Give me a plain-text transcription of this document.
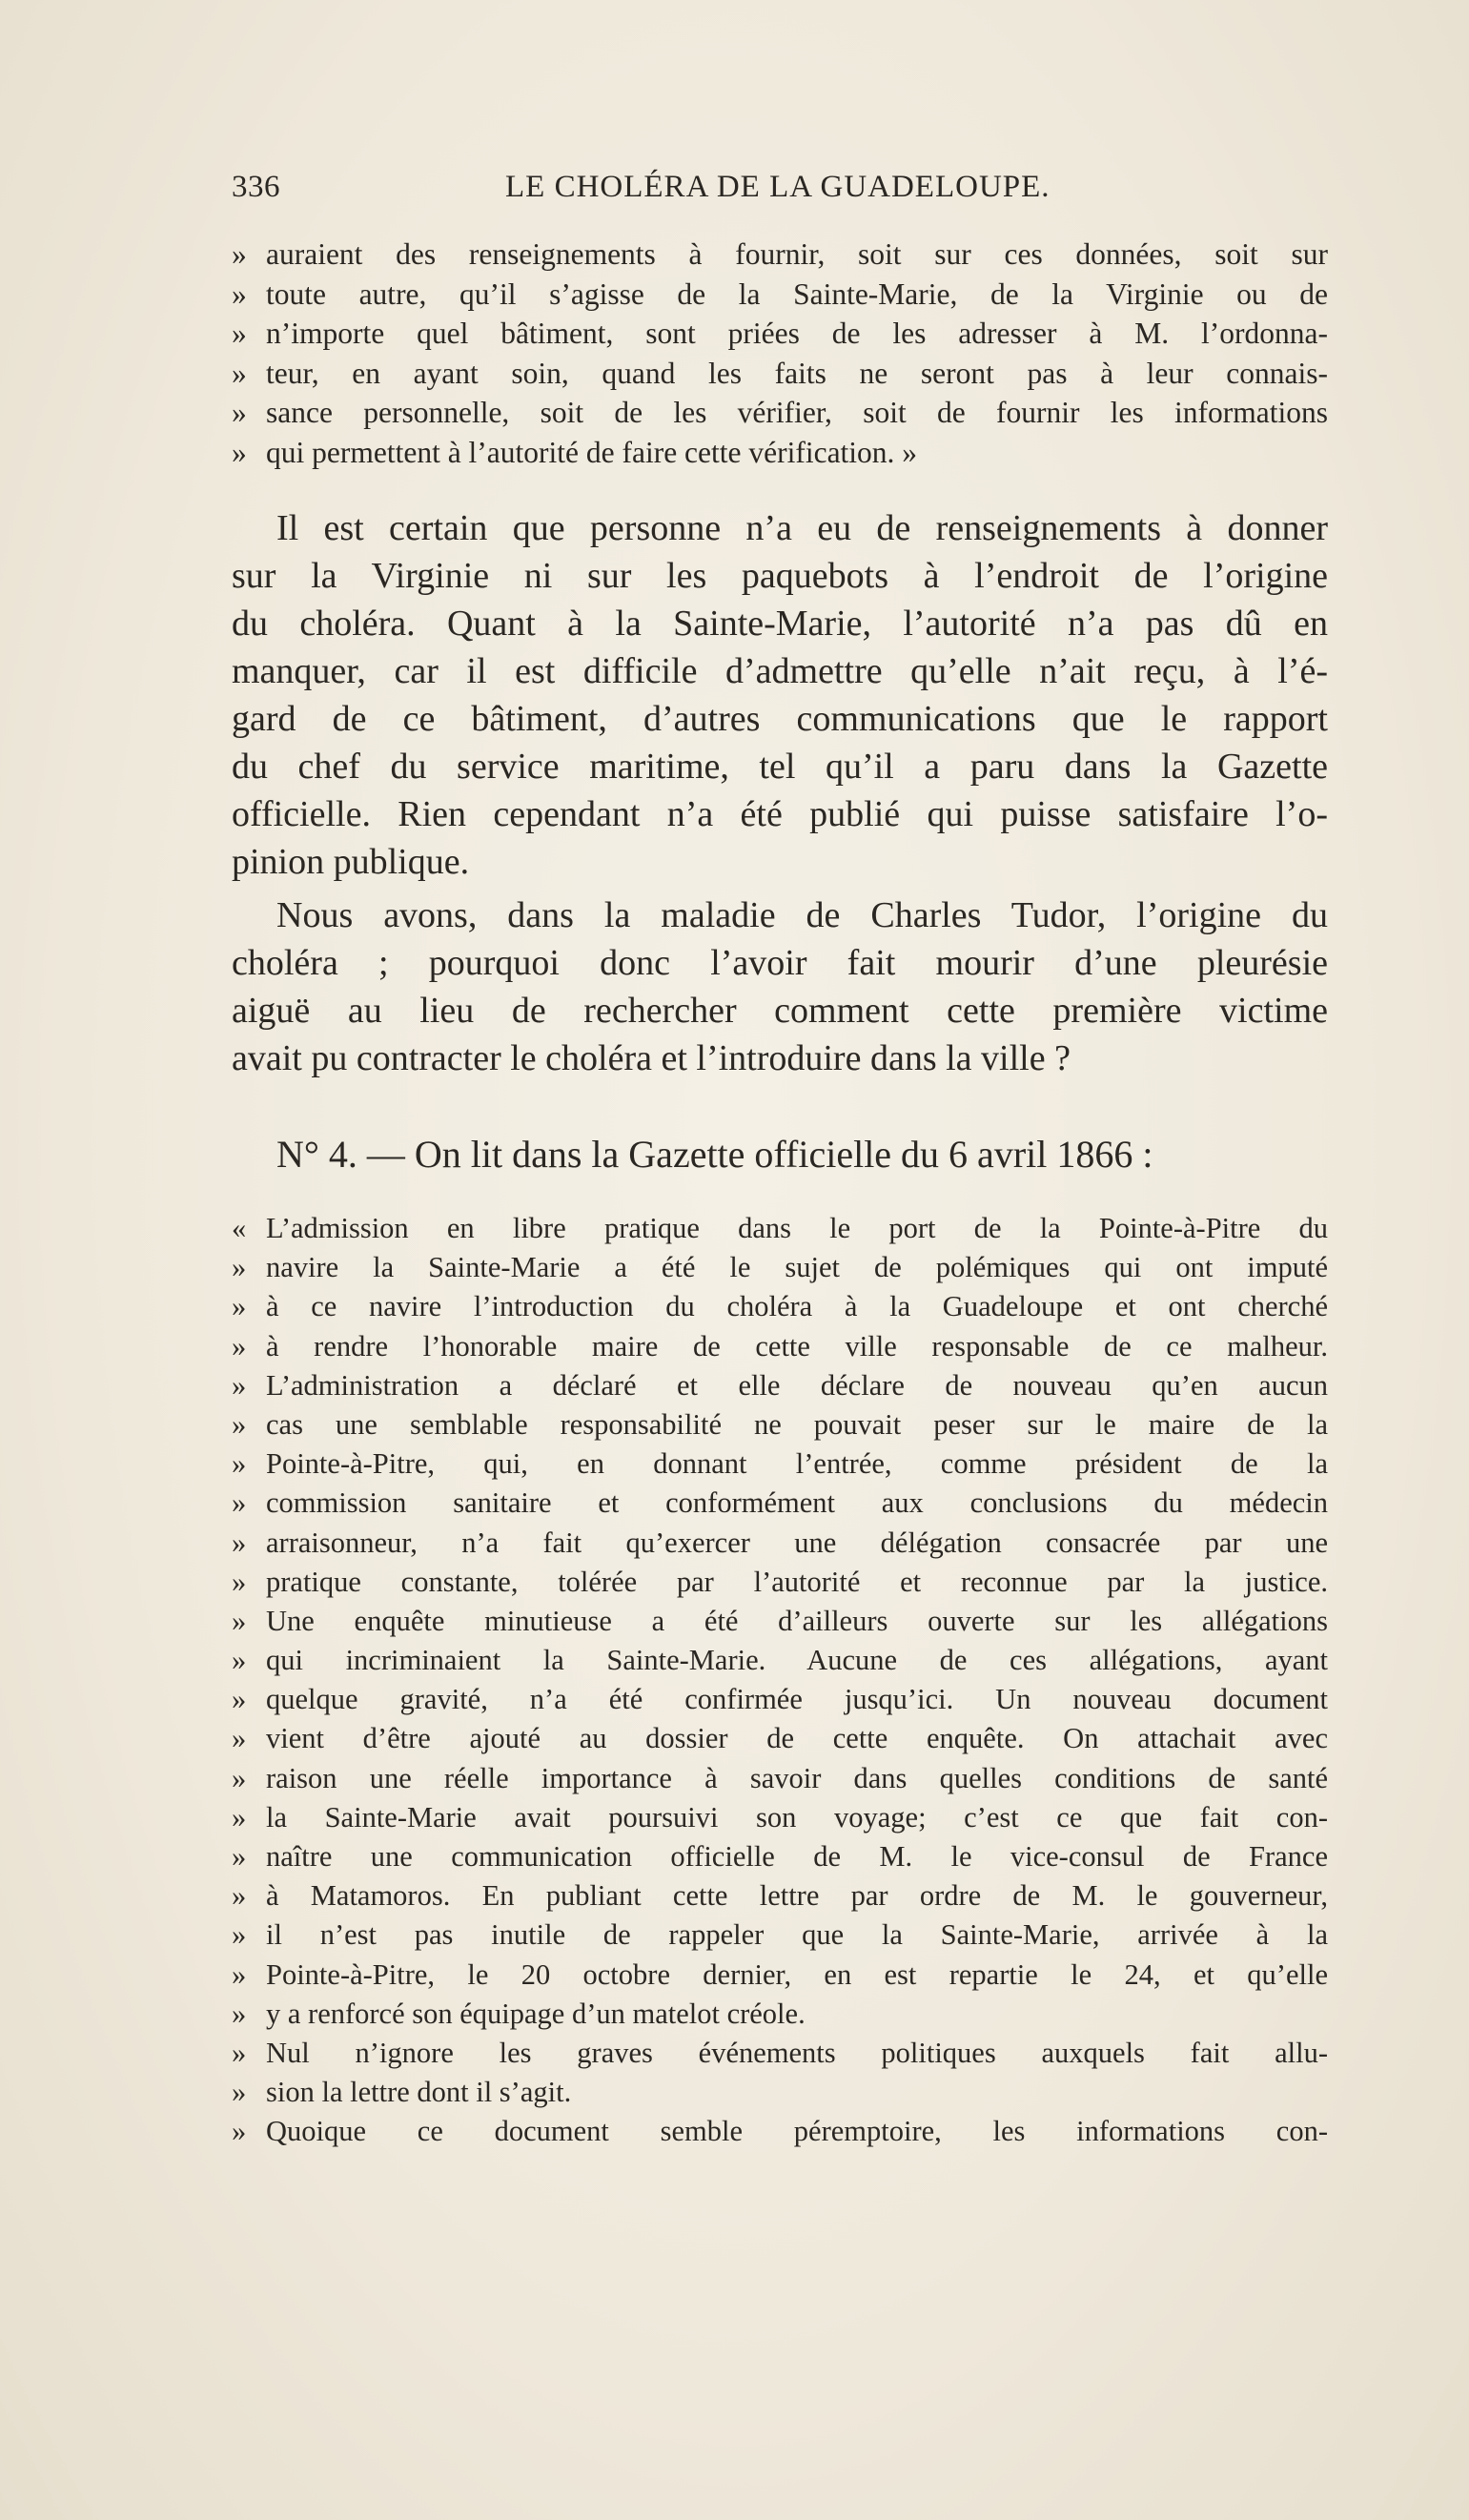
336	LE CHOLÉRA DE LA GUADELOUPE.
» auraient des renseignements à fournir, soit sur ces données, soit sur
» toute autre, qu’il s’agisse de la Sainte-Marie, de la Virginie ou de
» n’importe quel bâtiment, sont priées de les adresser à M. l’ordonna-
» teur, en ayant soin, quand les faits ne seront pas à leur connais-
» sance personnelle, soit de les vérifier, soit de fournir les informations
» qui permettent à l’autorité de faire cette vérification. »
Il est certain que personne n’a eu de renseignements à donner
sur la Virginie ni sur les paquebots à l’endroit de l’origine
du choléra. Quant à la Sainte-Marie, l’autorité n’a pas dû en
manquer, car il est difficile d’admettre qu’elle n’ait reçu, à l’é-
gard de ce bâtiment, d’autres communications que le rapport
du chef du service maritime, tel qu’il a paru dans la Gazette
officielle. Rien cependant n’a été publié qui puisse satisfaire l’o-
pinion publique.
Nous avons, dans la maladie de Charles Tudor, l’origine du
choléra ; pourquoi donc l’avoir fait mourir d’une pleurésie
aiguë au lieu de rechercher comment cette première victime
avait pu contracter le choléra et l’introduire dans la ville ?
N° 4. — On lit dans la Gazette officielle du 6 avril 1866 :
« L’admission en libre pratique dans le port de la Pointe-à-Pitre du
» navire la Sainte-Marie a été le sujet de polémiques qui ont imputé
» à ce navire l’introduction du choléra à la Guadeloupe et ont cherché
» à rendre l’honorable maire de cette ville responsable de ce malheur.
» L’administration a déclaré et elle déclare de nouveau qu’en aucun
» cas une semblable responsabilité ne pouvait peser sur le maire de la
» Pointe-à-Pitre, qui, en donnant l’entrée, comme président de la
» commission sanitaire et conformément aux conclusions du médecin
» arraisonneur, n’a fait qu’exercer une délégation consacrée par une
» pratique constante, tolérée par l’autorité et reconnue par la justice.
» Une enquête minutieuse a été d’ailleurs ouverte sur les allégations
» qui incriminaient la Sainte-Marie. Aucune de ces allégations, ayant
» quelque gravité, n’a été confirmée jusqu’ici. Un nouveau document
» vient d’être ajouté au dossier de cette enquête. On attachait avec
» raison une réelle importance à savoir dans quelles conditions de santé
» la Sainte-Marie avait poursuivi son voyage; c’est ce que fait con-
» naître une communication officielle de M. le vice-consul de France
» à Matamoros. En publiant cette lettre par ordre de M. le gouverneur,
» il n’est pas inutile de rappeler que la Sainte-Marie, arrivée à la
» Pointe-à-Pitre, le 20 octobre dernier, en est repartie le 24, et qu’elle
» y a renforcé son équipage d’un matelot créole.
» Nul n’ignore les graves événements politiques auxquels fait allu-
» sion la lettre dont il s’agit.
» Quoique ce document semble péremptoire, les informations con-
